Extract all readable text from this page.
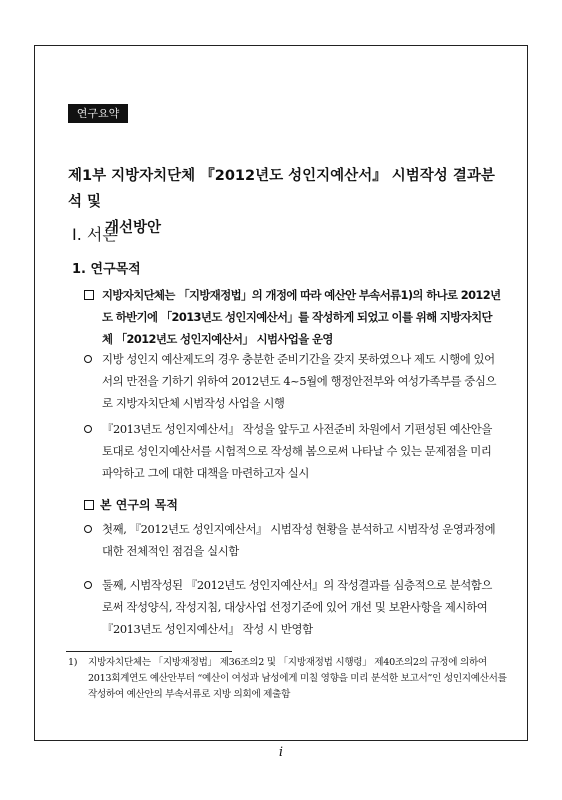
연구요약
제1부 지방자치단체 『2012년도 성인지예산서』 시범작성 결과분석 및
개선방안
Ⅰ. 서론
1. 연구목적
지방자치단체는 「지방재정법」의 개정에 따라 예산안 부속서류1)의 하나로 2012년도 하반기에 「2013년도 성인지예산서」를 작성하게 되었고 이를 위해 지방자치단체 「2012년도 성인지예산서」 시범사업을 운영
지방 성인지 예산제도의 경우 충분한 준비기간을 갖지 못하였으나 제도 시행에 있어서의 만전을 기하기 위하여 2012년도 4~5월에 행정안전부와 여성가족부를 중심으로 지방자치단체 시범작성 사업을 시행
『2013년도 성인지예산서』 작성을 앞두고 사전준비 차원에서 기편성된 예산안을 토대로 성인지예산서를 시험적으로 작성해 봄으로써 나타날 수 있는 문제점을 미리 파악하고 그에 대한 대책을 마련하고자 실시
본 연구의 목적
첫째, 『2012년도 성인지예산서』 시범작성 현황을 분석하고 시범작성 운영과정에 대한 전체적인 점검을 실시함
둘째, 시범작성된 『2012년도 성인지예산서』의 작성결과를 심층적으로 분석함으로써 작성양식, 작성지침, 대상사업 선정기준에 있어 개선 및 보완사항을 제시하여 『2013년도 성인지예산서』 작성 시 반영함
1)	지방자치단체는 「지방재정법」 제36조의2 및 「지방재정법 시행령」 제40조의2의 규정에 의하여 2013회계연도 예산안부터 “예산이 여성과 남성에게 미칠 영향을 미리 분석한 보고서”인 성인지예산서를 작성하여 예산안의 부속서류로 지방 의회에 제출함
i
